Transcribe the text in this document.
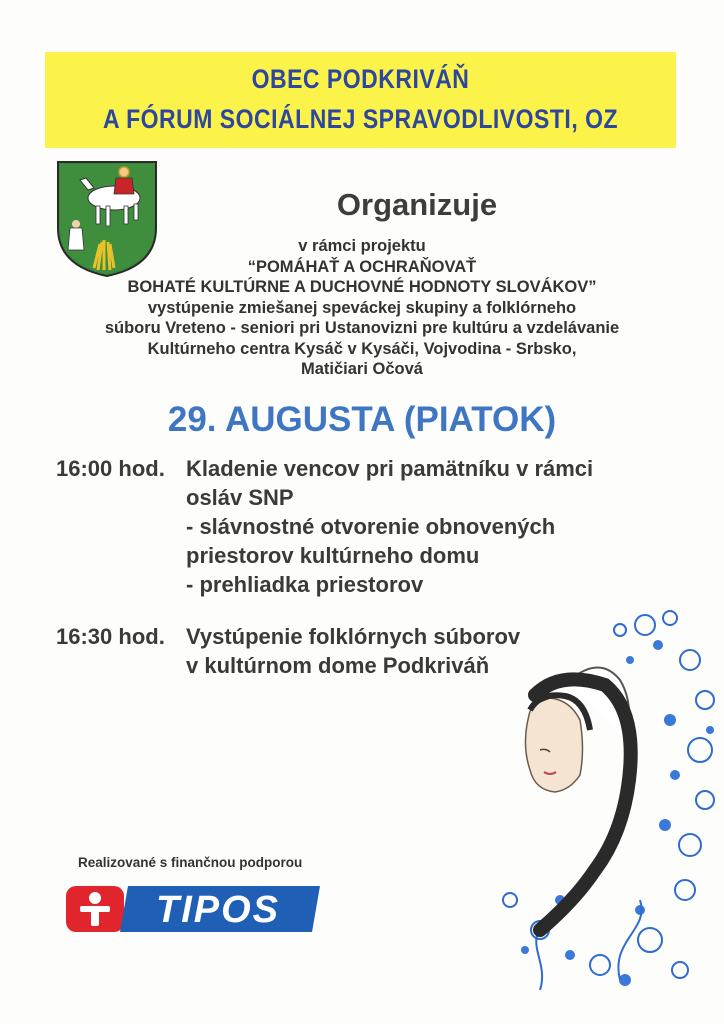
OBEC PODKRIVÁŇ
A FÓRUM SOCIÁLNEJ SPRAVODLIVOSTI, OZ
Organizuje
v rámci projektu
“POMÁHAŤ A OCHRAŇOVAŤ
BOHATÉ KULTÚRNE A DUCHOVNÉ HODNOTY SLOVÁKOV”
vystúpenie zmiešanej speváckej skupiny a folklórneho
súboru Vreteno - seniori pri Ustanovizni pre kultúru a vzdelávanie
Kultúrneho centra Kysáč v Kysáči, Vojvodina - Srbsko,
Matičiari Očová
29. AUGUSTA (PIATOK)
16:00 hod. Kladenie vencov pri pamätníku v rámci
osláv SNP
- slávnostné otvorenie obnovených
priestorov kultúrneho domu
- prehliadka priestorov
16:30 hod. Vystúpenie folklórnych súborov
v kultúrnom dome Podkriváň
Realizované s finančnou podporou
TIPOS
